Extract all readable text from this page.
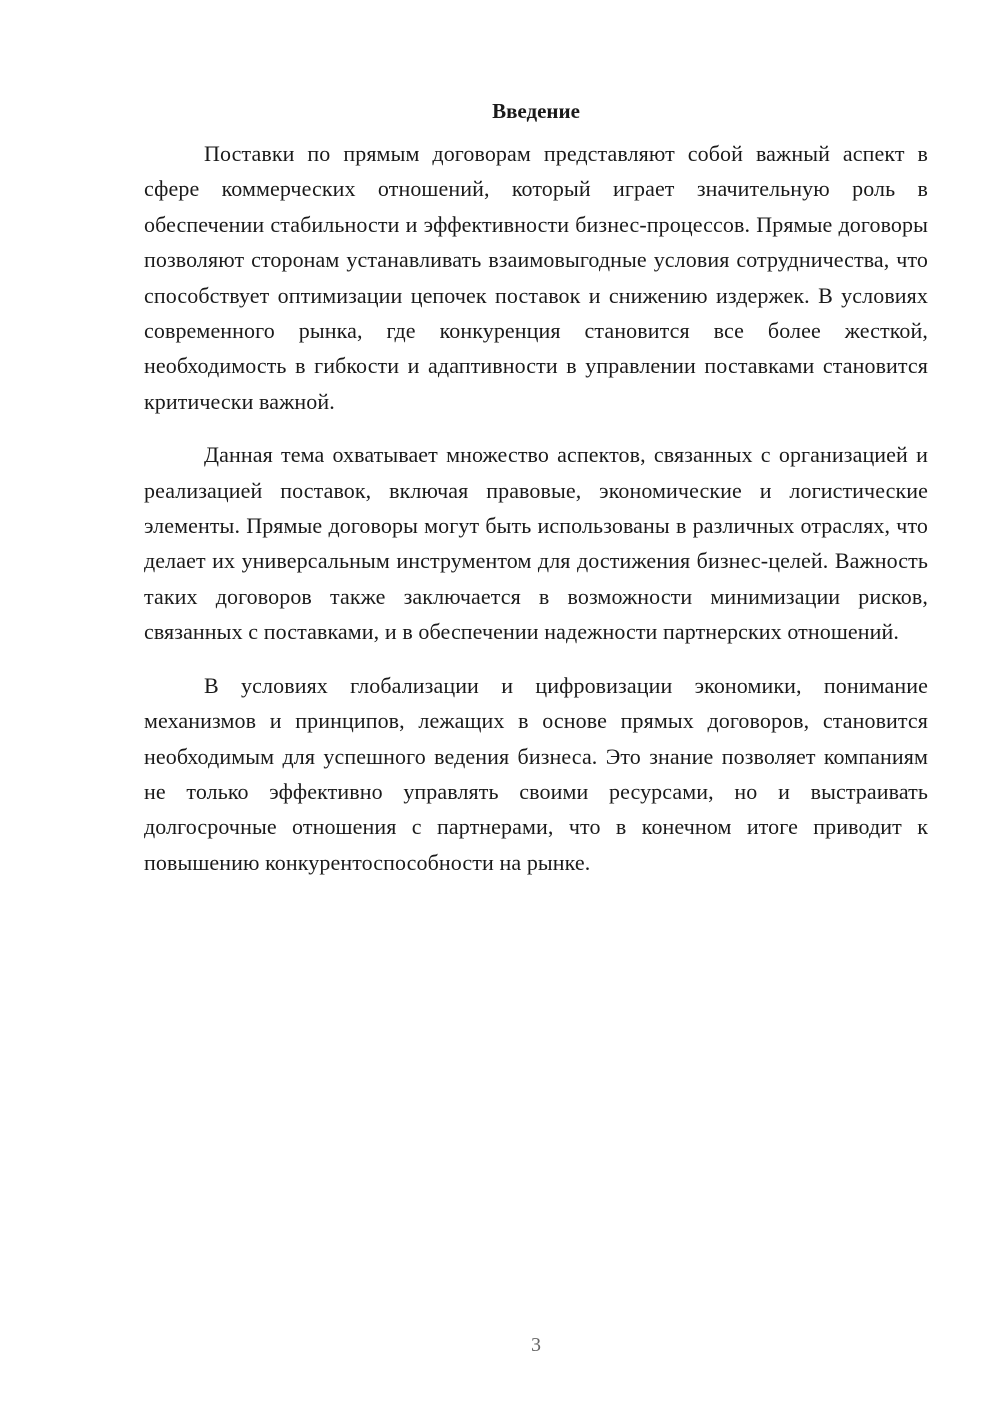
Введение

Поставки по прямым договорам представляют собой важный аспект в сфере коммерческих отношений, который играет значительную роль в обеспечении стабильности и эффективности бизнес-процессов. Прямые договоры позволяют сторонам устанавливать взаимовыгодные условия сотрудничества, что способствует оптимизации цепочек поставок и снижению издержек. В условиях современного рынка, где конкуренция становится все более жесткой, необходимость в гибкости и адаптивности в управлении поставками становится критически важной.

Данная тема охватывает множество аспектов, связанных с организацией и реализацией поставок, включая правовые, экономические и логистические элементы. Прямые договоры могут быть использованы в различных отраслях, что делает их универсальным инструментом для достижения бизнес-целей. Важность таких договоров также заключается в возможности минимизации рисков, связанных с поставками, и в обеспечении надежности партнерских отношений.

В условиях глобализации и цифровизации экономики, понимание механизмов и принципов, лежащих в основе прямых договоров, становится необходимым для успешного ведения бизнеса. Это знание позволяет компаниям не только эффективно управлять своими ресурсами, но и выстраивать долгосрочные отношения с партнерами, что в конечном итоге приводит к повышению конкурентоспособности на рынке.

3
